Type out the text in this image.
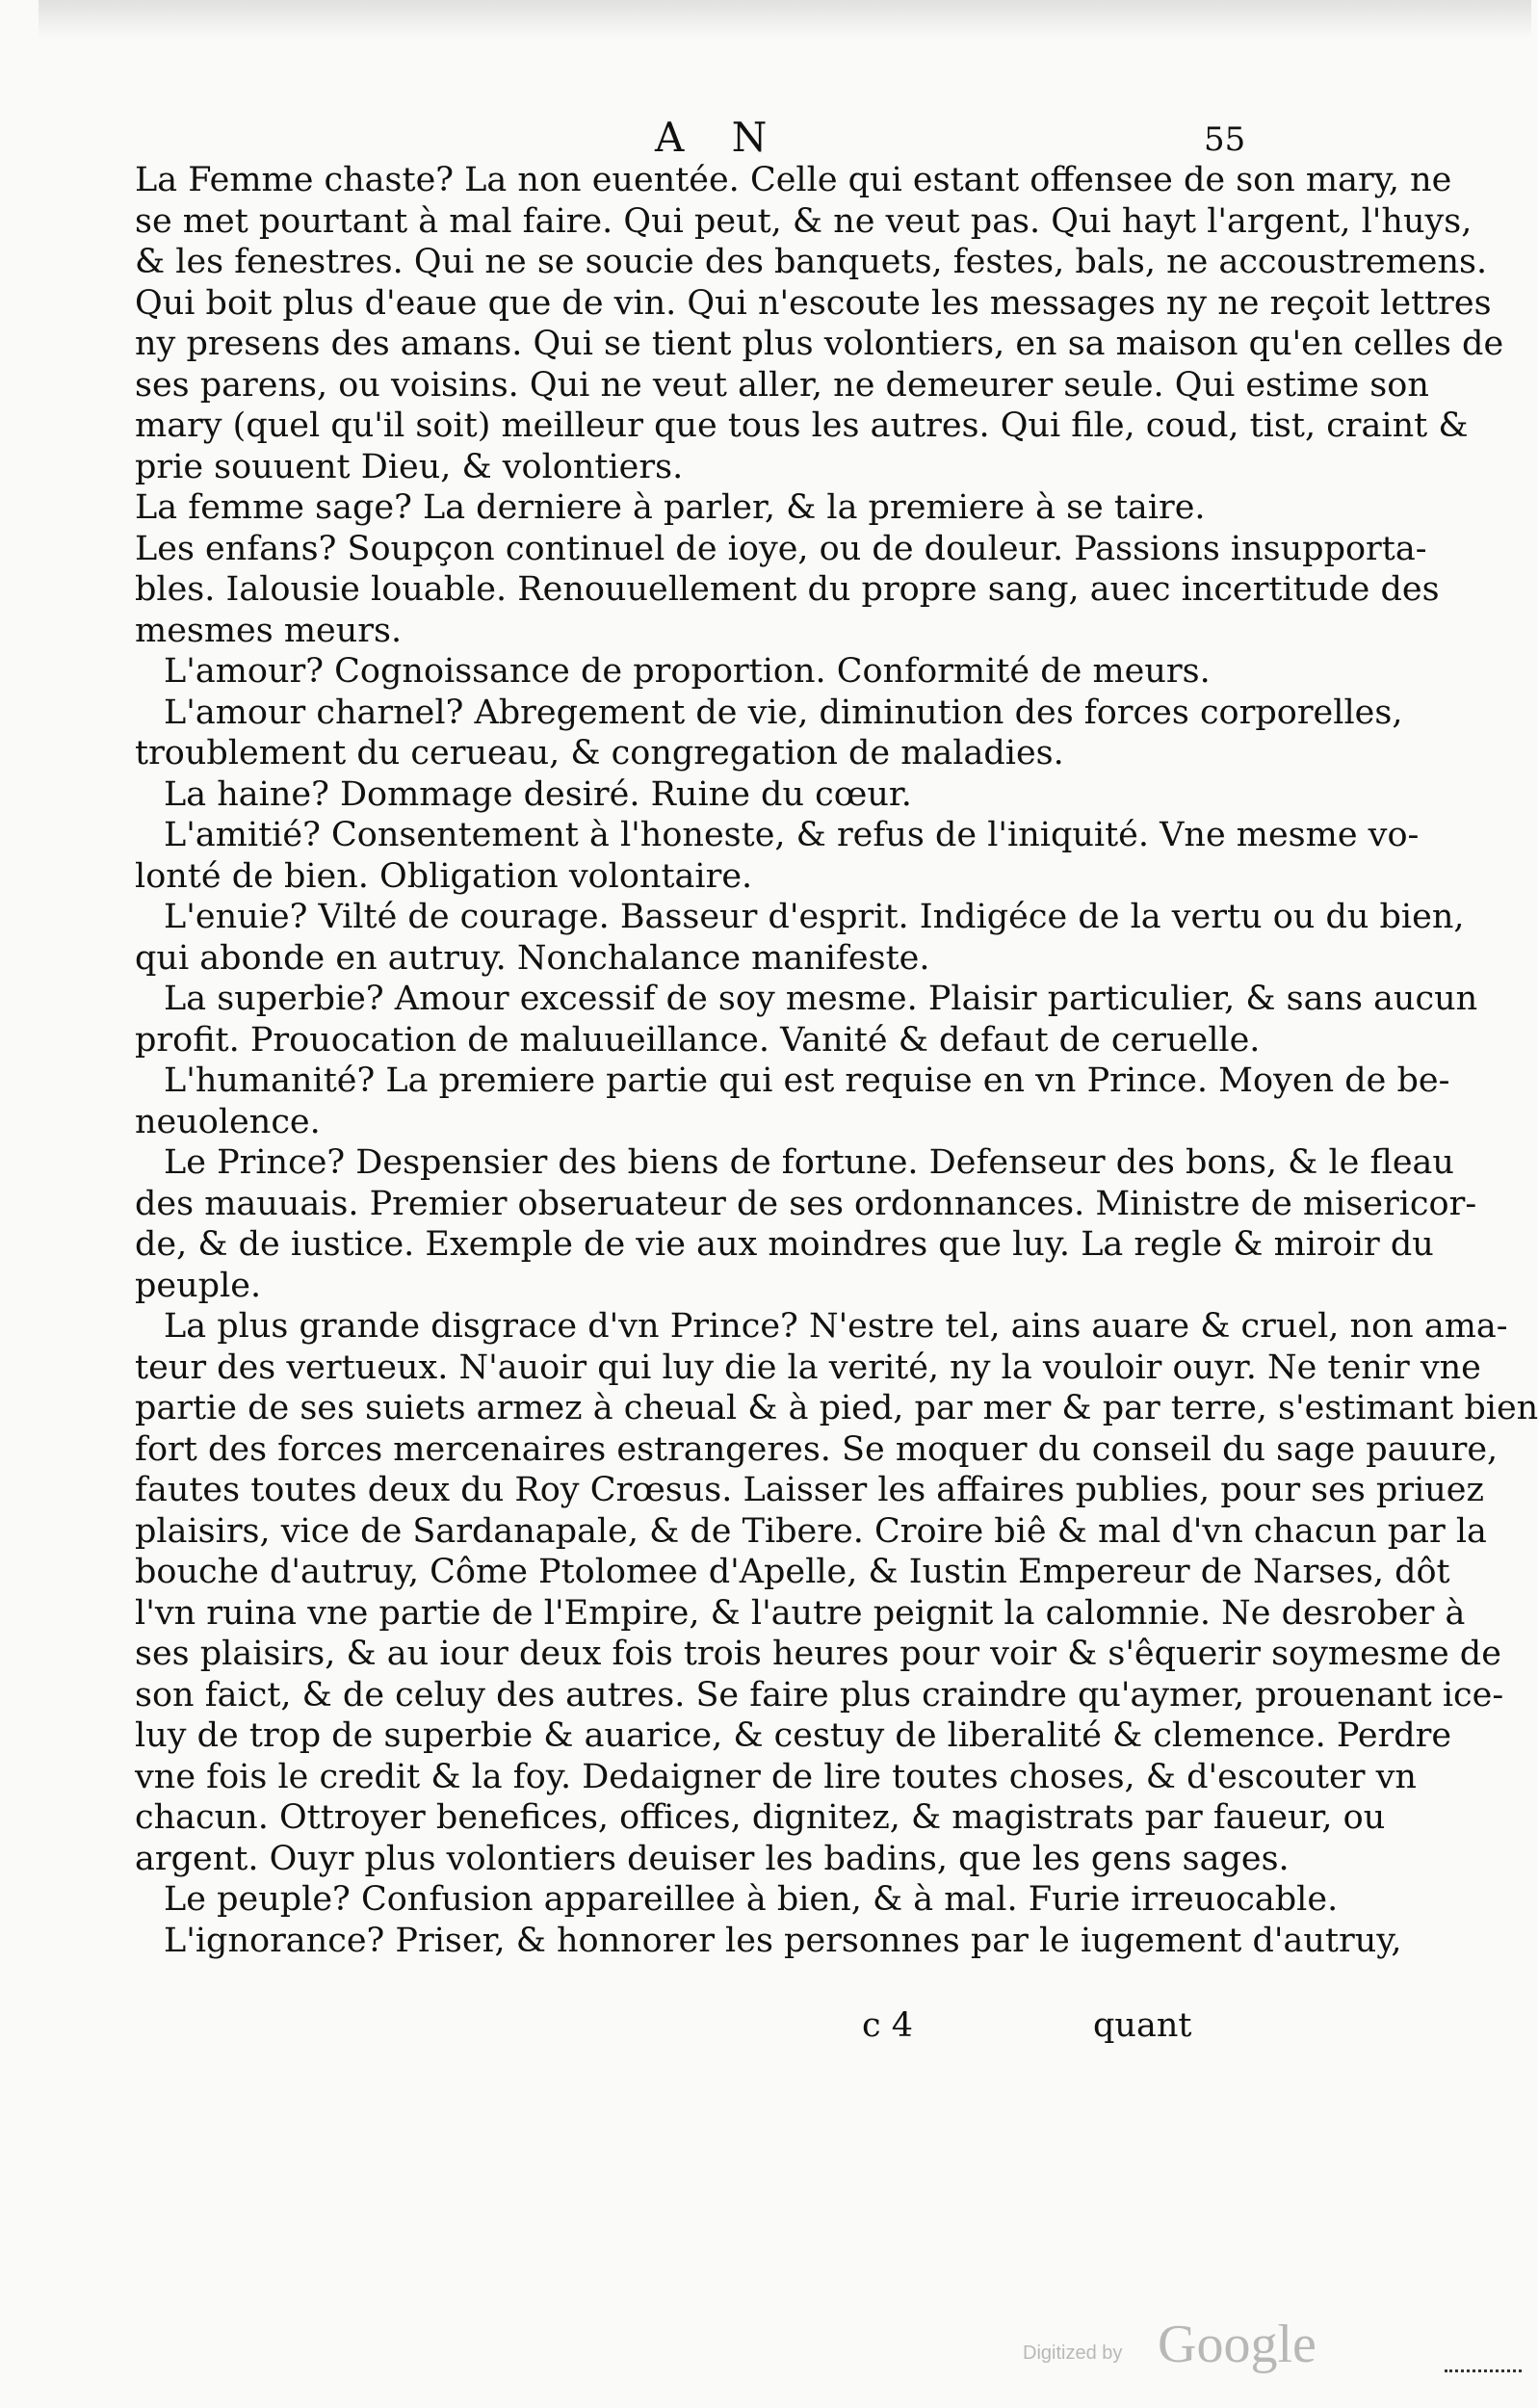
A N	55
La Femme chaste? La non euentée. Celle qui estant offensee de son mary, ne
se met pourtant à mal faire. Qui peut, & ne veut pas. Qui hayt l'argent, l'huys,
& les fenestres. Qui ne se soucie des banquets, festes, bals, ne accoustremens.
Qui boit plus d'eaue que de vin. Qui n'escoute les messages ny ne reçoit lettres
ny presens des amans. Qui se tient plus volontiers, en sa maison qu'en celles de
ses parens, ou voisins. Qui ne veut aller, ne demeurer seule. Qui estime son
mary (quel qu'il soit) meilleur que tous les autres. Qui file, coud, tist, craint &
prie souuent Dieu, & volontiers.
La femme sage? La derniere à parler, & la premiere à se taire.
Les enfans? Soupçon continuel de ioye, ou de douleur. Passions insupporta-
bles. Ialousie louable. Renouuellement du propre sang, auec incertitude des
mesmes meurs.
L'amour? Cognoissance de proportion. Conformité de meurs.
L'amour charnel? Abregement de vie, diminution des forces corporelles,
troublement du cerueau, & congregation de maladies.
La haine? Dommage desiré. Ruine du cœur.
L'amitié? Consentement à l'honeste, & refus de l'iniquité. Vne mesme vo-
lonté de bien. Obligation volontaire.
L'enuie? Vilté de courage. Basseur d'esprit. Indigéce de la vertu ou du bien,
qui abonde en autruy. Nonchalance manifeste.
La superbie? Amour excessif de soy mesme. Plaisir particulier, & sans aucun
profit. Prouocation de maluueillance. Vanité & defaut de ceruelle.
L'humanité? La premiere partie qui est requise en vn Prince. Moyen de be-
neuolence.
Le Prince? Despensier des biens de fortune. Defenseur des bons, & le fleau
des mauuais. Premier obseruateur de ses ordonnances. Ministre de misericor-
de, & de iustice. Exemple de vie aux moindres que luy. La regle & miroir du
peuple.
La plus grande disgrace d'vn Prince? N'estre tel, ains auare & cruel, non ama-
teur des vertueux. N'auoir qui luy die la verité, ny la vouloir ouyr. Ne tenir vne
partie de ses suiets armez à cheual & à pied, par mer & par terre, s'estimant bien
fort des forces mercenaires estrangeres. Se moquer du conseil du sage pauure,
fautes toutes deux du Roy Crœsus. Laisser les affaires publies, pour ses priuez
plaisirs, vice de Sardanapale, & de Tibere. Croire biê & mal d'vn chacun par la
bouche d'autruy, Côme Ptolomee d'Apelle, & Iustin Empereur de Narses, dôt
l'vn ruina vne partie de l'Empire, & l'autre peignit la calomnie. Ne desrober à
ses plaisirs, & au iour deux fois trois heures pour voir & s'êquerir soymesme de
son faict, & de celuy des autres. Se faire plus craindre qu'aymer, prouenant ice-
luy de trop de superbie & auarice, & cestuy de liberalité & clemence. Perdre
vne fois le credit & la foy. Dedaigner de lire toutes choses, & d'escouter vn
chacun. Ottroyer benefices, offices, dignitez, & magistrats par faueur, ou
argent. Ouyr plus volontiers deuiser les badins, que les gens sages.
Le peuple? Confusion appareillee à bien, & à mal. Furie irreuocable.
L'ignorance? Priser, & honnorer les personnes par le iugement d'autruy,
c 4	quant
Digitized by Google
